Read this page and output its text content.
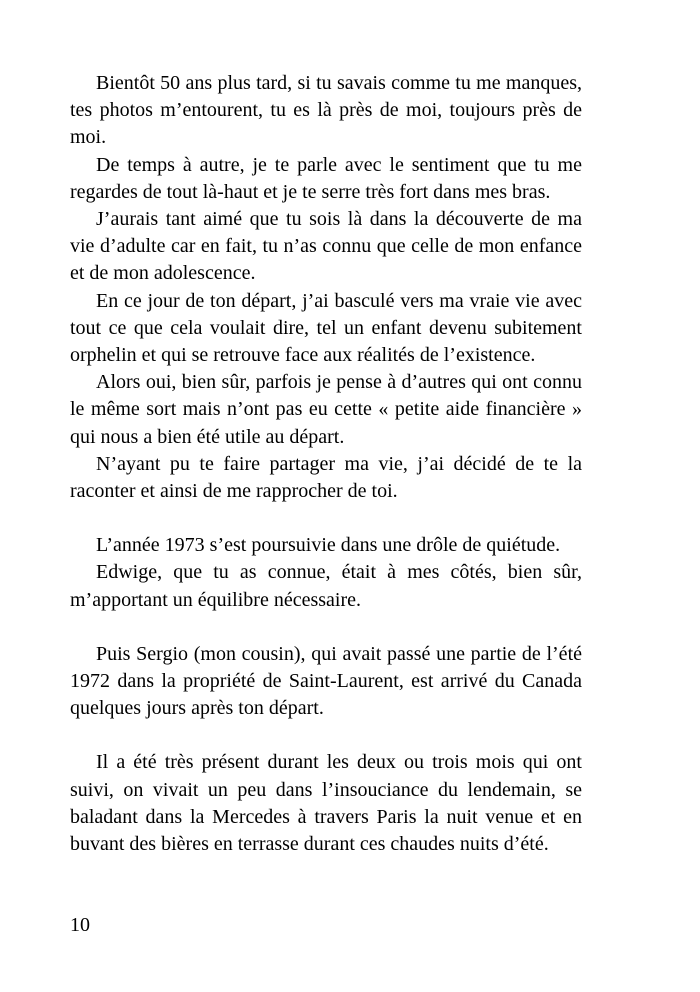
Bientôt 50 ans plus tard, si tu savais comme tu me manques, tes photos m’entourent, tu es là près de moi, toujours près de moi.

De temps à autre, je te parle avec le sentiment que tu me regardes de tout là-haut et je te serre très fort dans mes bras.

J’aurais tant aimé que tu sois là dans la découverte de ma vie d’adulte car en fait, tu n’as connu que celle de mon enfance et de mon adolescence.

En ce jour de ton départ, j’ai basculé vers ma vraie vie avec tout ce que cela voulait dire, tel un enfant devenu subitement orphelin et qui se retrouve face aux réalités de l’existence.

Alors oui, bien sûr, parfois je pense à d’autres qui ont connu le même sort mais n’ont pas eu cette « petite aide financière » qui nous a bien été utile au départ.

N’ayant pu te faire partager ma vie, j’ai décidé de te la raconter et ainsi de me rapprocher de toi.

L’année 1973 s’est poursuivie dans une drôle de quiétude.

Edwige, que tu as connue, était à mes côtés, bien sûr, m’apportant un équilibre nécessaire.

Puis Sergio (mon cousin), qui avait passé une partie de l’été 1972 dans la propriété de Saint-Laurent, est arrivé du Canada quelques jours après ton départ.

Il a été très présent durant les deux ou trois mois qui ont suivi, on vivait un peu dans l’insouciance du lendemain, se baladant dans la Mercedes à travers Paris la nuit venue et en buvant des bières en terrasse durant ces chaudes nuits d’été.

10
